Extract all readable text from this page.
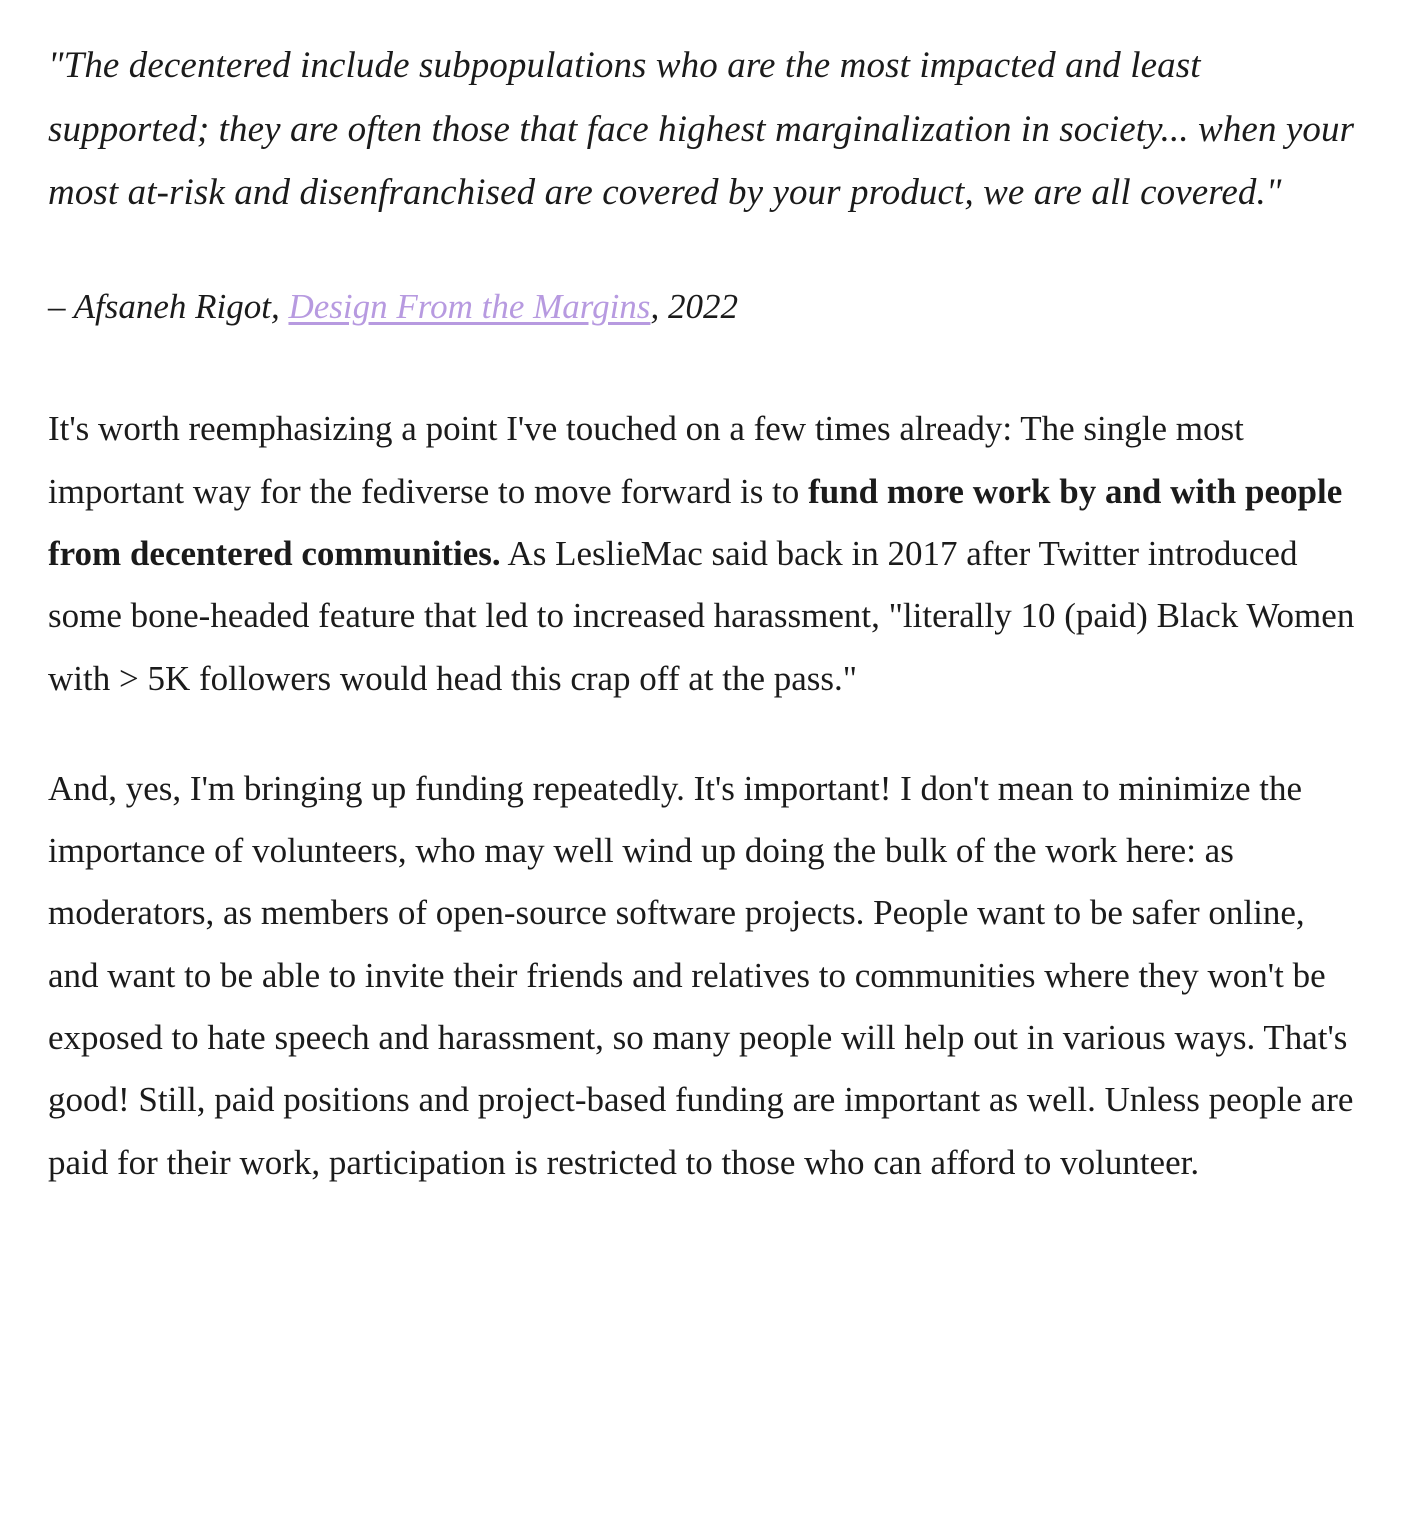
"The decentered include subpopulations who are the most impacted and least supported; they are often those that face highest marginalization in society... when your most at-risk and disenfranchised are covered by your product, we are all covered."

– Afsaneh Rigot, Design From the Margins, 2022

It's worth reemphasizing a point I've touched on a few times already: The single most important way for the fediverse to move forward is to fund more work by and with people from decentered communities. As LeslieMac said back in 2017 after Twitter introduced some bone-headed feature that led to increased harassment, "literally 10 (paid) Black Women with > 5K followers would head this crap off at the pass."

And, yes, I'm bringing up funding repeatedly. It's important! I don't mean to minimize the importance of volunteers, who may well wind up doing the bulk of the work here: as moderators, as members of open-source software projects. People want to be safer online, and want to be able to invite their friends and relatives to communities where they won't be exposed to hate speech and harassment, so many people will help out in various ways. That's good! Still, paid positions and project-based funding are important as well. Unless people are paid for their work, participation is restricted to those who can afford to volunteer.
